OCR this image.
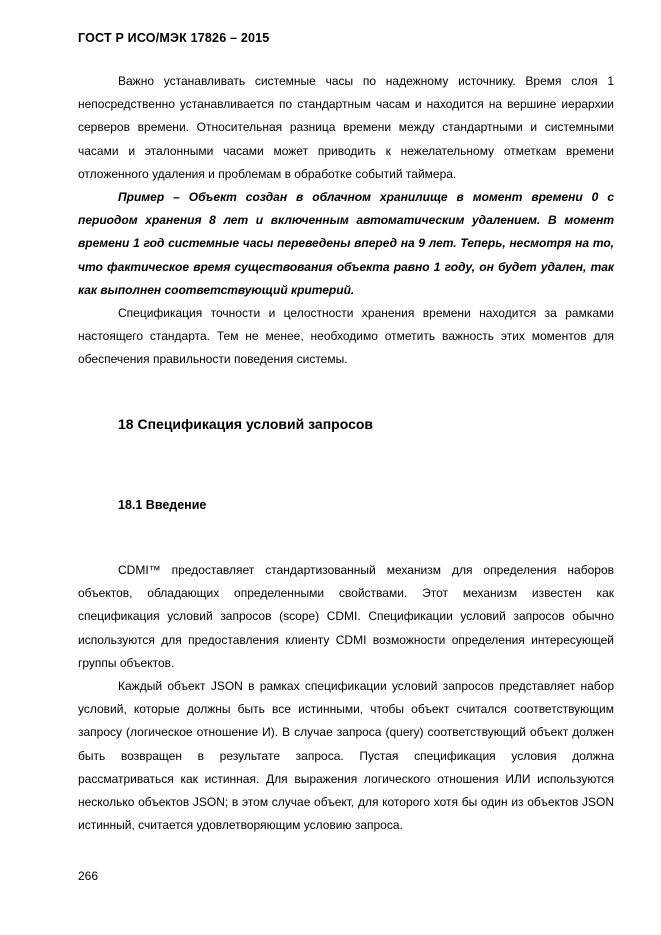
ГОСТ Р ИСО/МЭК 17826 – 2015

Важно устанавливать системные часы по надежному источнику. Время слоя 1 непосредственно устанавливается по стандартным часам и находится на вершине иерархии серверов времени. Относительная разница времени между стандартными и системными часами и эталонными часами может приводить к нежелательному отметкам времени отложенного удаления и проблемам в обработке событий таймера.

Пример – Объект создан в облачном хранилище в момент времени 0 с периодом хранения 8 лет и включенным автоматическим удалением. В момент времени 1 год системные часы переведены вперед на 9 лет. Теперь, несмотря на то, что фактическое время существования объекта равно 1 году, он будет удален, так как выполнен соответствующий критерий.

Спецификация точности и целостности хранения времени находится за рамками настоящего стандарта. Тем не менее, необходимо отметить важность этих моментов для обеспечения правильности поведения системы.

18 Спецификация условий запросов
18.1 Введение

CDMI™ предоставляет стандартизованный механизм для определения наборов объектов, обладающих определенными свойствами. Этот механизм известен как спецификация условий запросов (scope) CDMI. Спецификации условий запросов обычно используются для предоставления клиенту CDMI возможности определения интересующей группы объектов.

Каждый объект JSON в рамках спецификации условий запросов представляет набор условий, которые должны быть все истинными, чтобы объект считался соответствующим запросу (логическое отношение И). В случае запроса (query) соответствующий объект должен быть возвращен в результате запроса. Пустая спецификация условия должна рассматриваться как истинная. Для выражения логического отношения ИЛИ используются несколько объектов JSON; в этом случае объект, для которого хотя бы один из объектов JSON истинный, считается удовлетворяющим условию запроса.

266
